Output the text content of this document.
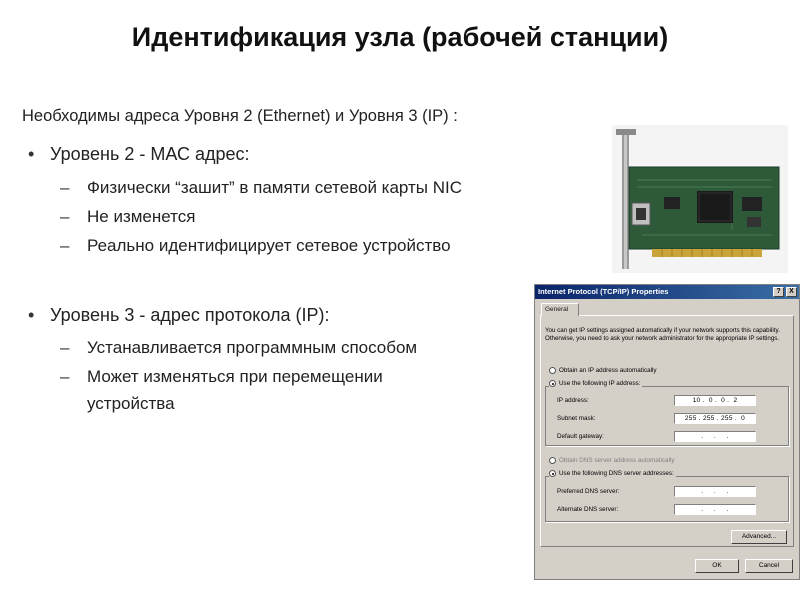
Идентификация узла (рабочей станции)
Необходимы адреса Уровня 2 (Ethernet) и Уровня 3 (IP) :
• Уровень 2 - МАС адрес:
– Физически “зашит” в памяти сетевой карты NIC
– Не изменется
– Реально идентифицирует сетевое устройство
• Уровень 3 - адрес протокола (IP):
– Устанавливается программным способом
– Может изменяться при перемещении
устройства
Internet Protocol (TCP/IP) Properties	?	X
General
You can get IP settings assigned automatically if your network supports this capability. Otherwise, you need to ask your network administrator for the appropriate IP settings.
Obtain an IP address automatically
Use the following IP address:
IP address:	10 .  0 .  0 .  2
Subnet mask:	255 . 255 . 255 .  0
Default gateway:	.     .     .
Obtain DNS server address automatically
Use the following DNS server addresses:
Preferred DNS server:	.     .     .
Alternate DNS server:	.     .     .
Advanced...
OK	Cancel
